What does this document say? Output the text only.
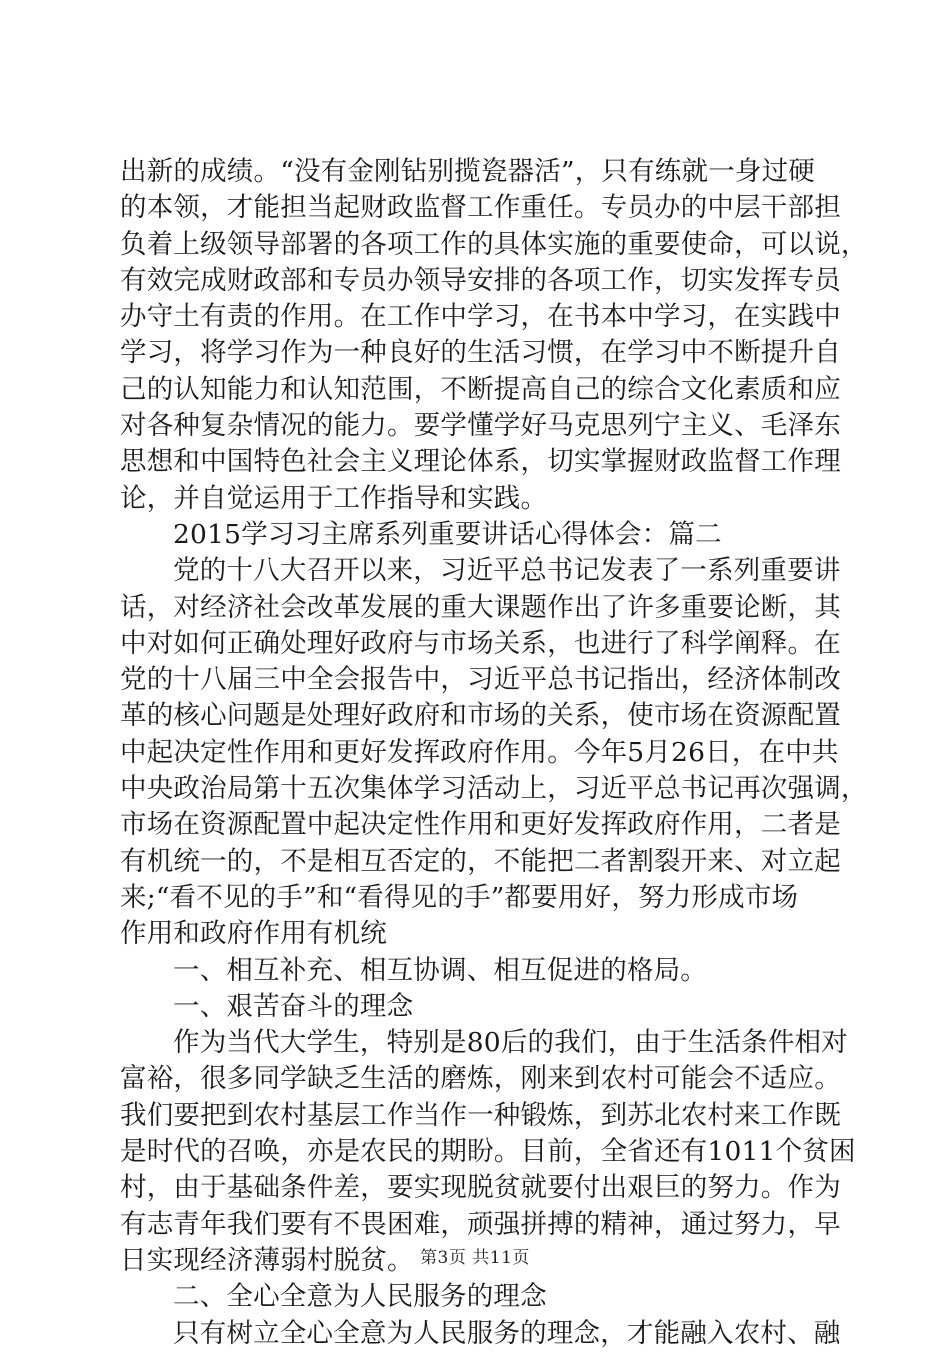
出新的成绩。“没有金刚钻别揽瓷器活”，只有练就一身过硬
的本领，才能担当起财政监督工作重任。专员办的中层干部担
负着上级领导部署的各项工作的具体实施的重要使命，可以说，
有效完成财政部和专员办领导安排的各项工作，切实发挥专员
办守土有责的作用。在工作中学习，在书本中学习，在实践中
学习，将学习作为一种良好的生活习惯，在学习中不断提升自
己的认知能力和认知范围，不断提高自己的综合文化素质和应
对各种复杂情况的能力。要学懂学好马克思列宁主义、毛泽东
思想和中国特色社会主义理论体系，切实掌握财政监督工作理
论，并自觉运用于工作指导和实践。
2015学习习主席系列重要讲话心得体会：篇二
党的十八大召开以来，习近平总书记发表了一系列重要讲
话，对经济社会改革发展的重大课题作出了许多重要论断，其
中对如何正确处理好政府与市场关系，也进行了科学阐释。在
党的十八届三中全会报告中，习近平总书记指出，经济体制改
革的核心问题是处理好政府和市场的关系，使市场在资源配置
中起决定性作用和更好发挥政府作用。今年5月26日，在中共
中央政治局第十五次集体学习活动上，习近平总书记再次强调，
市场在资源配置中起决定性作用和更好发挥政府作用，二者是
有机统一的，不是相互否定的，不能把二者割裂开来、对立起
来;“看不见的手”和“看得见的手”都要用好，努力形成市场
作用和政府作用有机统
一、相互补充、相互协调、相互促进的格局。
一、艰苦奋斗的理念
作为当代大学生，特别是80后的我们，由于生活条件相对
富裕，很多同学缺乏生活的磨炼，刚来到农村可能会不适应。
我们要把到农村基层工作当作一种锻炼，到苏北农村来工作既
是时代的召唤，亦是农民的期盼。目前，全省还有1011个贫困
村，由于基础条件差，要实现脱贫就要付出艰巨的努力。作为
有志青年我们要有不畏困难，顽强拼搏的精神，通过努力，早
日实现经济薄弱村脱贫。
二、全心全意为人民服务的理念
只有树立全心全意为人民服务的理念，才能融入农村、融
第3页 共11页
